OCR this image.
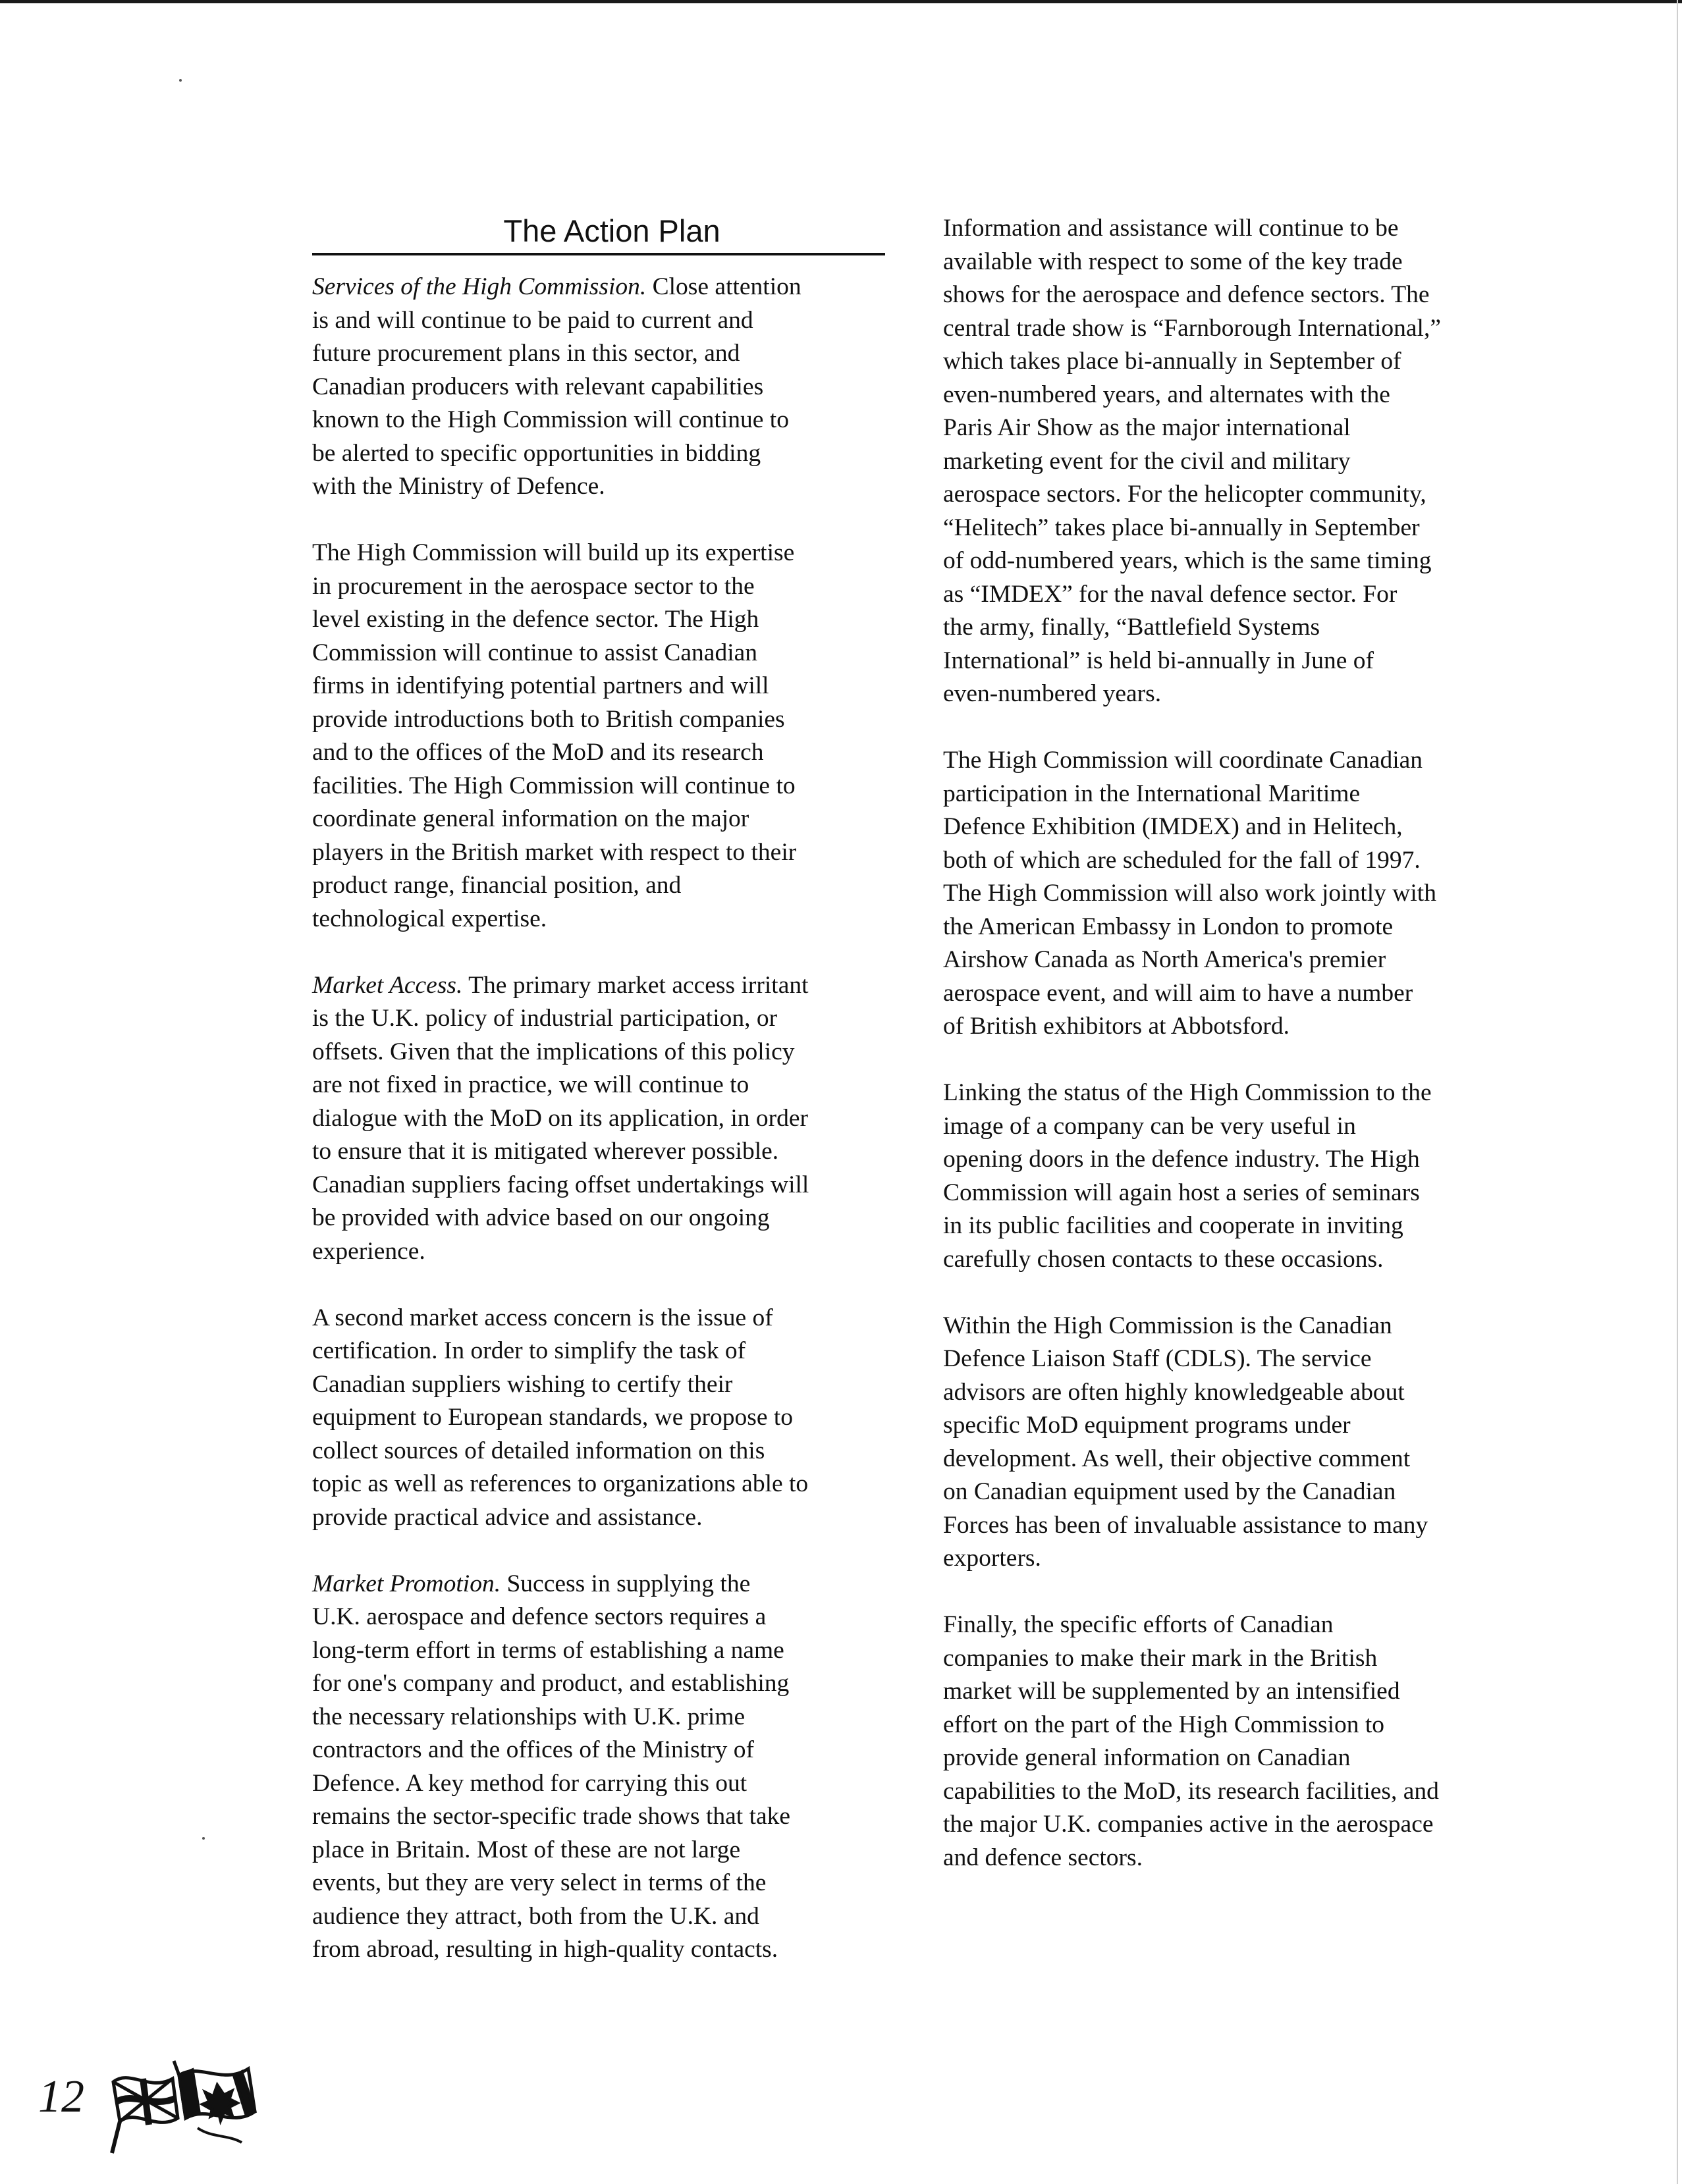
The Action Plan

Services of the High Commission. Close attention
is and will continue to be paid to current and
future procurement plans in this sector, and
Canadian producers with relevant capabilities
known to the High Commission will continue to
be alerted to specific opportunities in bidding
with the Ministry of Defence.

The High Commission will build up its expertise
in procurement in the aerospace sector to the
level existing in the defence sector. The High
Commission will continue to assist Canadian
firms in identifying potential partners and will
provide introductions both to British companies
and to the offices of the MoD and its research
facilities. The High Commission will continue to
coordinate general information on the major
players in the British market with respect to their
product range, financial position, and
technological expertise.

Market Access. The primary market access irritant
is the U.K. policy of industrial participation, or
offsets. Given that the implications of this policy
are not fixed in practice, we will continue to
dialogue with the MoD on its application, in order
to ensure that it is mitigated wherever possible.
Canadian suppliers facing offset undertakings will
be provided with advice based on our ongoing
experience.

A second market access concern is the issue of
certification. In order to simplify the task of
Canadian suppliers wishing to certify their
equipment to European standards, we propose to
collect sources of detailed information on this
topic as well as references to organizations able to
provide practical advice and assistance.

Market Promotion. Success in supplying the
U.K. aerospace and defence sectors requires a
long-term effort in terms of establishing a name
for one's company and product, and establishing
the necessary relationships with U.K. prime
contractors and the offices of the Ministry of
Defence. A key method for carrying this out
remains the sector-specific trade shows that take
place in Britain. Most of these are not large
events, but they are very select in terms of the
audience they attract, both from the U.K. and
from abroad, resulting in high-quality contacts.

Information and assistance will continue to be
available with respect to some of the key trade
shows for the aerospace and defence sectors. The
central trade show is “Farnborough International,”
which takes place bi-annually in September of
even-numbered years, and alternates with the
Paris Air Show as the major international
marketing event for the civil and military
aerospace sectors. For the helicopter community,
“Helitech” takes place bi-annually in September
of odd-numbered years, which is the same timing
as “IMDEX” for the naval defence sector. For
the army, finally, “Battlefield Systems
International” is held bi-annually in June of
even-numbered years.

The High Commission will coordinate Canadian
participation in the International Maritime
Defence Exhibition (IMDEX) and in Helitech,
both of which are scheduled for the fall of 1997.
The High Commission will also work jointly with
the American Embassy in London to promote
Airshow Canada as North America's premier
aerospace event, and will aim to have a number
of British exhibitors at Abbotsford.

Linking the status of the High Commission to the
image of a company can be very useful in
opening doors in the defence industry. The High
Commission will again host a series of seminars
in its public facilities and cooperate in inviting
carefully chosen contacts to these occasions.

Within the High Commission is the Canadian
Defence Liaison Staff (CDLS). The service
advisors are often highly knowledgeable about
specific MoD equipment programs under
development. As well, their objective comment
on Canadian equipment used by the Canadian
Forces has been of invaluable assistance to many
exporters.

Finally, the specific efforts of Canadian
companies to make their mark in the British
market will be supplemented by an intensified
effort on the part of the High Commission to
provide general information on Canadian
capabilities to the MoD, its research facilities, and
the major U.K. companies active in the aerospace
and defence sectors.

12
